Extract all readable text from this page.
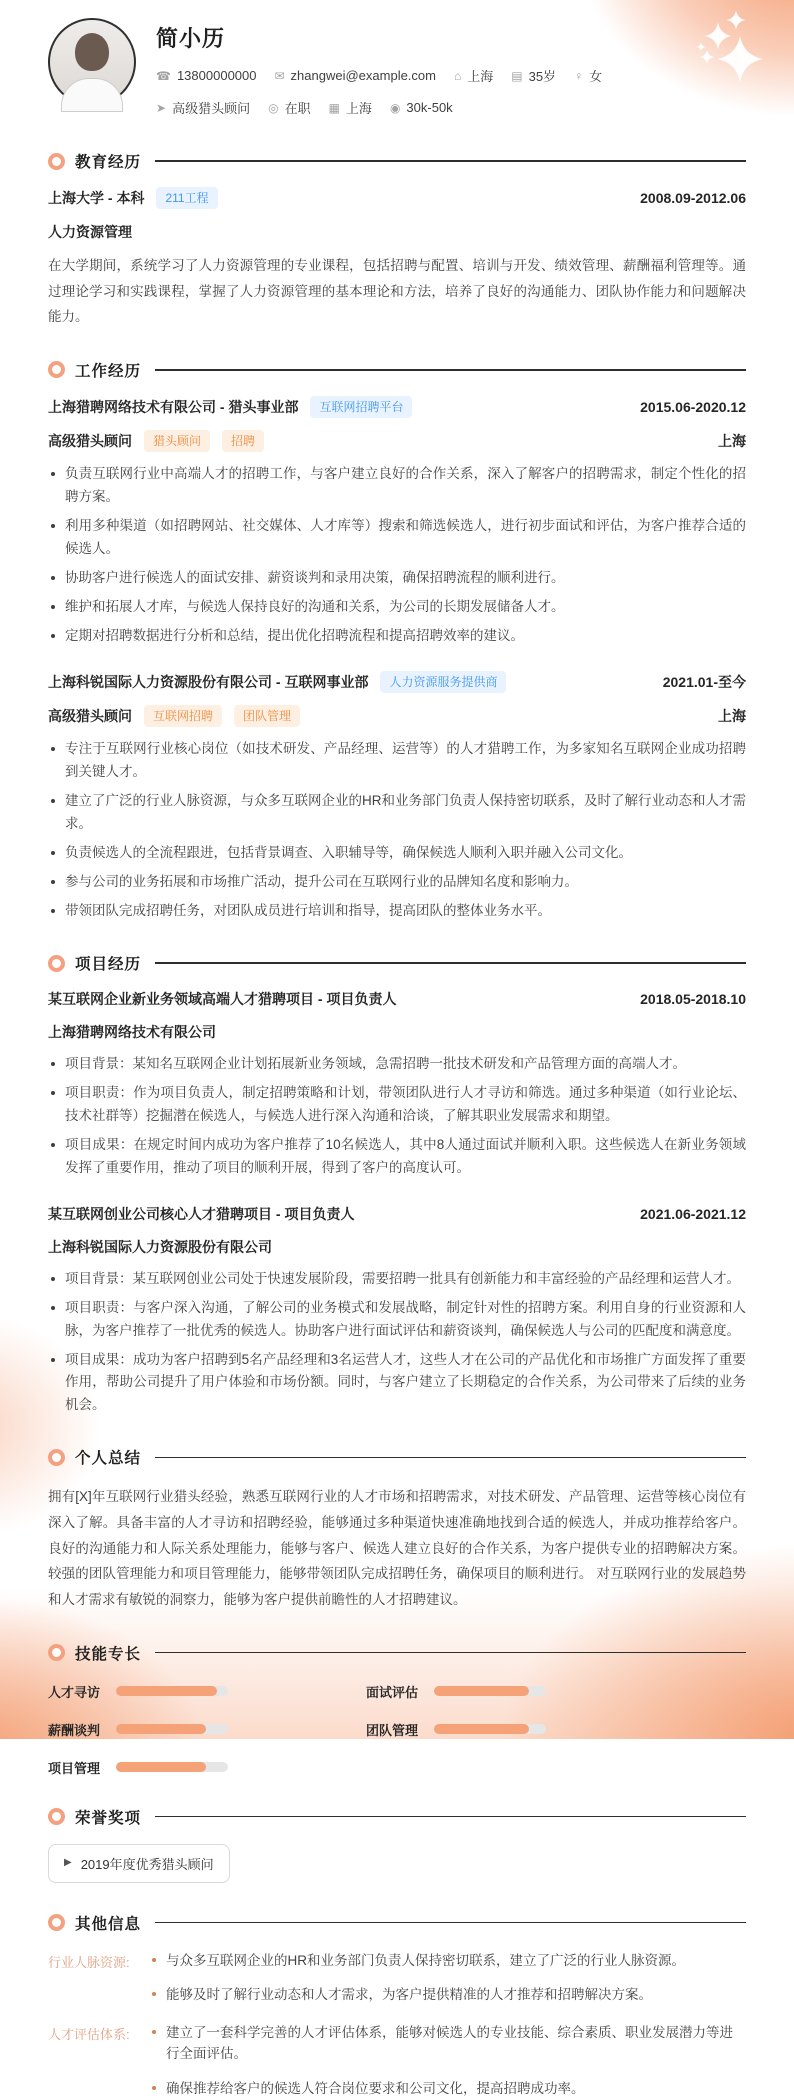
简小历
☎ 13800000000 ✉ zhangwei@example.com ⌂ 上海 ▤ 35岁 ♀ 女
➤ 高级猎头顾问 ◎ 在职 ▦ 上海 ◉ 30k-50k
教育经历
上海大学 - 本科	211工程	2008.09-2012.06
人力资源管理

在大学期间，系统学习了人力资源管理的专业课程，包括招聘与配置、培训与开发、绩效管理、薪酬福利管理等。通过理论学习和实践课程，掌握了人力资源管理的基本理论和方法，培养了良好的沟通能力、团队协作能力和问题解决能力。

工作经历
上海猎聘网络技术有限公司 - 猎头事业部	互联网招聘平台	2015.06-2020.12
高级猎头顾问	猎头顾问	招聘	上海
负责互联网行业中高端人才的招聘工作，与客户建立良好的合作关系，深入了解客户的招聘需求，制定个性化的招聘方案。
利用多种渠道（如招聘网站、社交媒体、人才库等）搜索和筛选候选人，进行初步面试和评估，为客户推荐合适的候选人。
协助客户进行候选人的面试安排、薪资谈判和录用决策，确保招聘流程的顺利进行。
维护和拓展人才库，与候选人保持良好的沟通和关系，为公司的长期发展储备人才。
定期对招聘数据进行分析和总结，提出优化招聘流程和提高招聘效率的建议。
上海科锐国际人力资源股份有限公司 - 互联网事业部	人力资源服务提供商	2021.01-至今
高级猎头顾问	互联网招聘	团队管理	上海
专注于互联网行业核心岗位（如技术研发、产品经理、运营等）的人才猎聘工作，为多家知名互联网企业成功招聘到关键人才。
建立了广泛的行业人脉资源，与众多互联网企业的HR和业务部门负责人保持密切联系，及时了解行业动态和人才需求。
负责候选人的全流程跟进，包括背景调查、入职辅导等，确保候选人顺利入职并融入公司文化。
参与公司的业务拓展和市场推广活动，提升公司在互联网行业的品牌知名度和影响力。
带领团队完成招聘任务，对团队成员进行培训和指导，提高团队的整体业务水平。
项目经历
某互联网企业新业务领域高端人才猎聘项目 - 项目负责人	2018.05-2018.10
上海猎聘网络技术有限公司
项目背景：某知名互联网企业计划拓展新业务领域，急需招聘一批技术研发和产品管理方面的高端人才。
项目职责：作为项目负责人，制定招聘策略和计划，带领团队进行人才寻访和筛选。通过多种渠道（如行业论坛、技术社群等）挖掘潜在候选人，与候选人进行深入沟通和洽谈，了解其职业发展需求和期望。
项目成果：在规定时间内成功为客户推荐了10名候选人，其中8人通过面试并顺利入职。这些候选人在新业务领域发挥了重要作用，推动了项目的顺利开展，得到了客户的高度认可。
某互联网创业公司核心人才猎聘项目 - 项目负责人	2021.06-2021.12
上海科锐国际人力资源股份有限公司
项目背景：某互联网创业公司处于快速发展阶段，需要招聘一批具有创新能力和丰富经验的产品经理和运营人才。
项目职责：与客户深入沟通，了解公司的业务模式和发展战略，制定针对性的招聘方案。利用自身的行业资源和人脉，为客户推荐了一批优秀的候选人。协助客户进行面试评估和薪资谈判，确保候选人与公司的匹配度和满意度。
项目成果：成功为客户招聘到5名产品经理和3名运营人才，这些人才在公司的产品优化和市场推广方面发挥了重要作用，帮助公司提升了用户体验和市场份额。同时，与客户建立了长期稳定的合作关系，为公司带来了后续的业务机会。
个人总结

拥有[X]年互联网行业猎头经验，熟悉互联网行业的人才市场和招聘需求，对技术研发、产品管理、运营等核心岗位有深入了解。具备丰富的人才寻访和招聘经验，能够通过多种渠道快速准确地找到合适的候选人，并成功推荐给客户。 良好的沟通能力和人际关系处理能力，能够与客户、候选人建立良好的合作关系，为客户提供专业的招聘解决方案。 较强的团队管理能力和项目管理能力，能够带领团队完成招聘任务，确保项目的顺利进行。 对互联网行业的发展趋势和人才需求有敏锐的洞察力，能够为客户提供前瞻性的人才招聘建议。

技能专长
人才寻访	面试评估
薪酬谈判	团队管理
项目管理
荣誉奖项
▶ 2019年度优秀猎头顾问
其他信息
行业人脉资源:	与众多互联网企业的HR和业务部门负责人保持密切联系，建立了广泛的行业人脉资源。
能够及时了解行业动态和人才需求，为客户提供精准的人才推荐和招聘解决方案。
人才评估体系:	建立了一套科学完善的人才评估体系，能够对候选人的专业技能、综合素质、职业发展潜力等进行全面评估。
确保推荐给客户的候选人符合岗位要求和公司文化，提高招聘成功率。
